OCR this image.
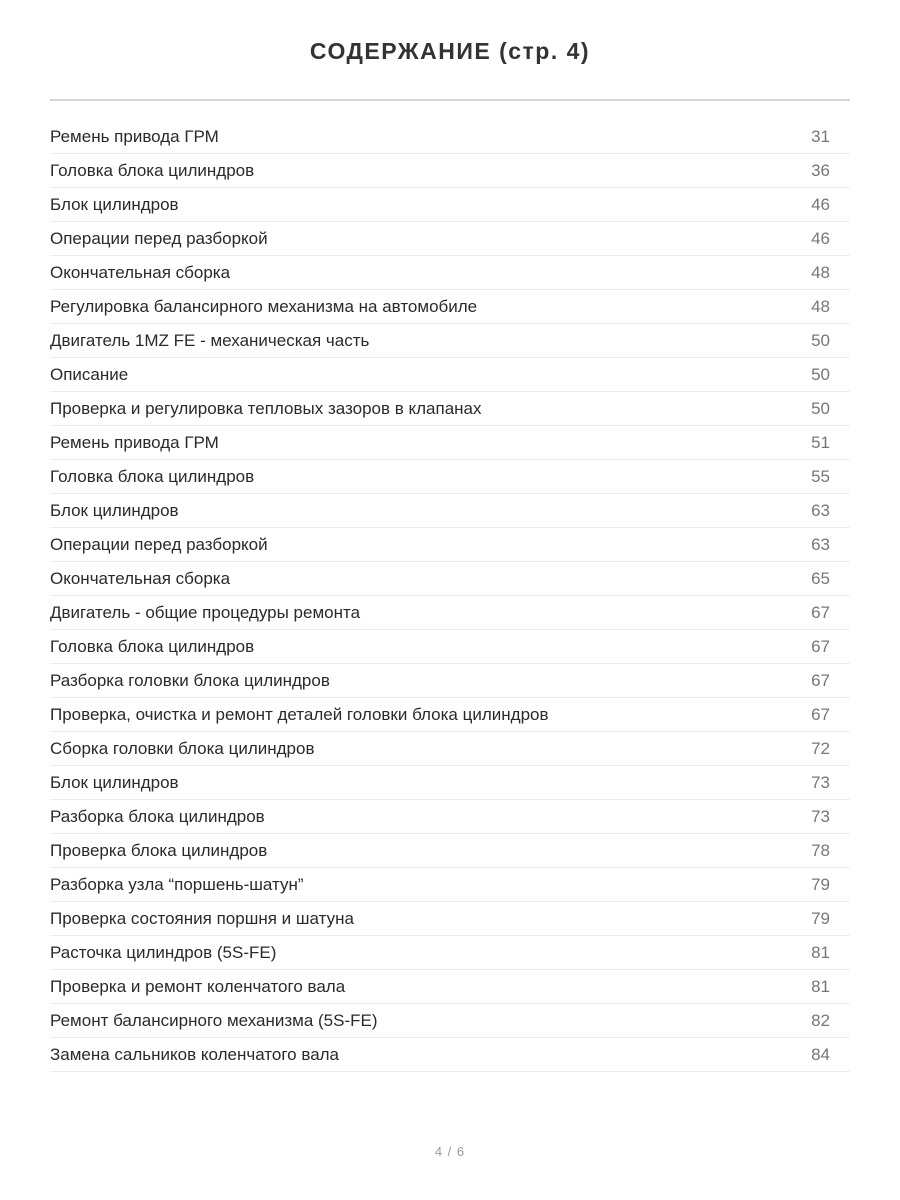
СОДЕРЖАНИЕ (стр. 4)
Ремень привода ГРМ	31
Головка блока цилиндров	36
Блок цилиндров	46
Операции перед разборкой	46
Окончательная сборка	48
Регулировка балансирного механизма на автомобиле	48
Двигатель 1MZ FE - механическая часть	50
Описание	50
Проверка и регулировка тепловых зазоров в клапанах	50
Ремень привода ГРМ	51
Головка блока цилиндров	55
Блок цилиндров	63
Операции перед разборкой	63
Окончательная сборка	65
Двигатель - общие процедуры ремонта	67
Головка блока цилиндров	67
Разборка головки блока цилиндров	67
Проверка, очистка и ремонт деталей головки блока цилиндров	67
Сборка головки блока цилиндров	72
Блок цилиндров	73
Разборка блока цилиндров	73
Проверка блока цилиндров	78
Разборка узла “поршень-шатун”	79
Проверка состояния поршня и шатуна	79
Расточка цилиндров (5S-FE)	81
Проверка и ремонт коленчатого вала	81
Ремонт балансирного механизма (5S-FE)	82
Замена сальников коленчатого вала	84
4 / 6
